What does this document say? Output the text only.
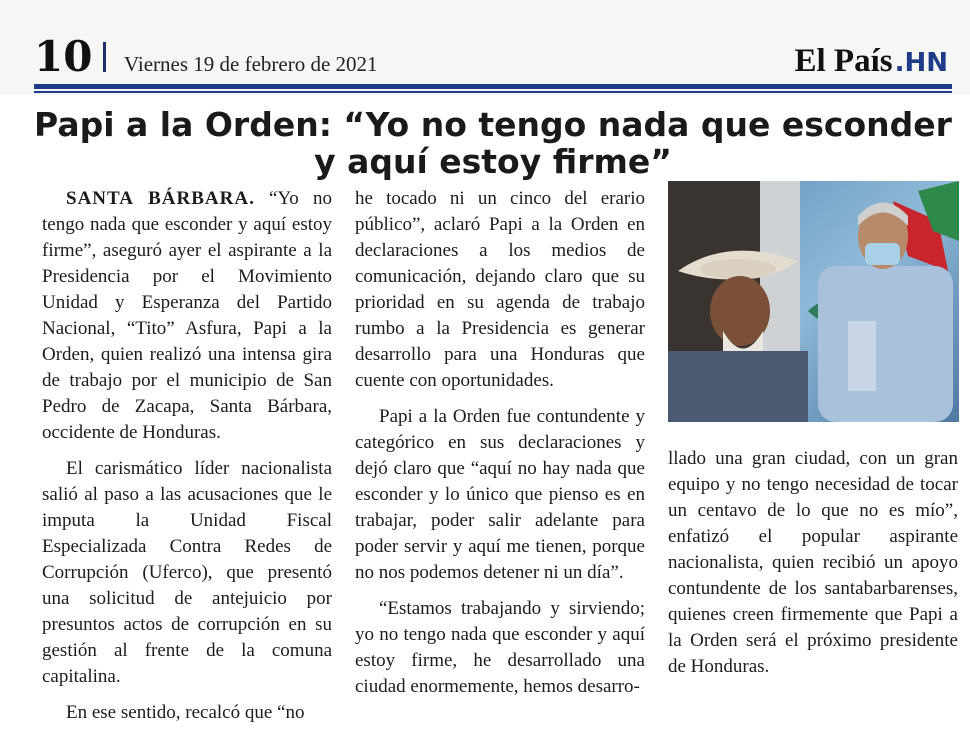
10 Viernes 19 de febrero de 2021	El País.HN
Papi a la Orden: “Yo no tengo nada que esconder y aquí estoy firme”

SANTA BÁRBARA. “Yo no tengo nada que esconder y aquí estoy firme”, aseguró ayer el aspirante a la Presidencia por el Movimiento Unidad y Esperanza del Partido Nacional, “Tito” Asfura, Papi a la Orden, quien realizó una intensa gira de trabajo por el municipio de San Pedro de Zacapa, Santa Bárbara, occidente de Honduras.

El carismático líder nacionalista salió al paso a las acusaciones que le imputa la Unidad Fiscal Especializada Contra Redes de Corrupción (Uferco), que presentó una solicitud de antejuicio por presuntos actos de corrupción en su gestión al frente de la comuna capitalina.

En ese sentido, recalcó que “no

he tocado ni un cinco del erario público”, aclaró Papi a la Orden en declaraciones a los medios de comunicación, dejando claro que su prioridad en su agenda de trabajo rumbo a la Presidencia es generar desarrollo para una Honduras que cuente con oportunidades.

Papi a la Orden fue contundente y categórico en sus declaraciones y dejó claro que “aquí no hay nada que esconder y lo único que pienso es en trabajar, poder salir adelante para poder servir y aquí me tienen, porque no nos podemos detener ni un día”.

“Estamos trabajando y sirviendo; yo no tengo nada que esconder y aquí estoy firme, he desarrollado una ciudad enormemente, hemos desarro-

llado una gran ciudad, con un gran equipo y no tengo necesidad de tocar un centavo de lo que no es mío”, enfatizó el popular aspirante nacionalista, quien recibió un apoyo contundente de los santabarbarenses, quienes creen firmemente que Papi a la Orden será el próximo presidente de Honduras.
